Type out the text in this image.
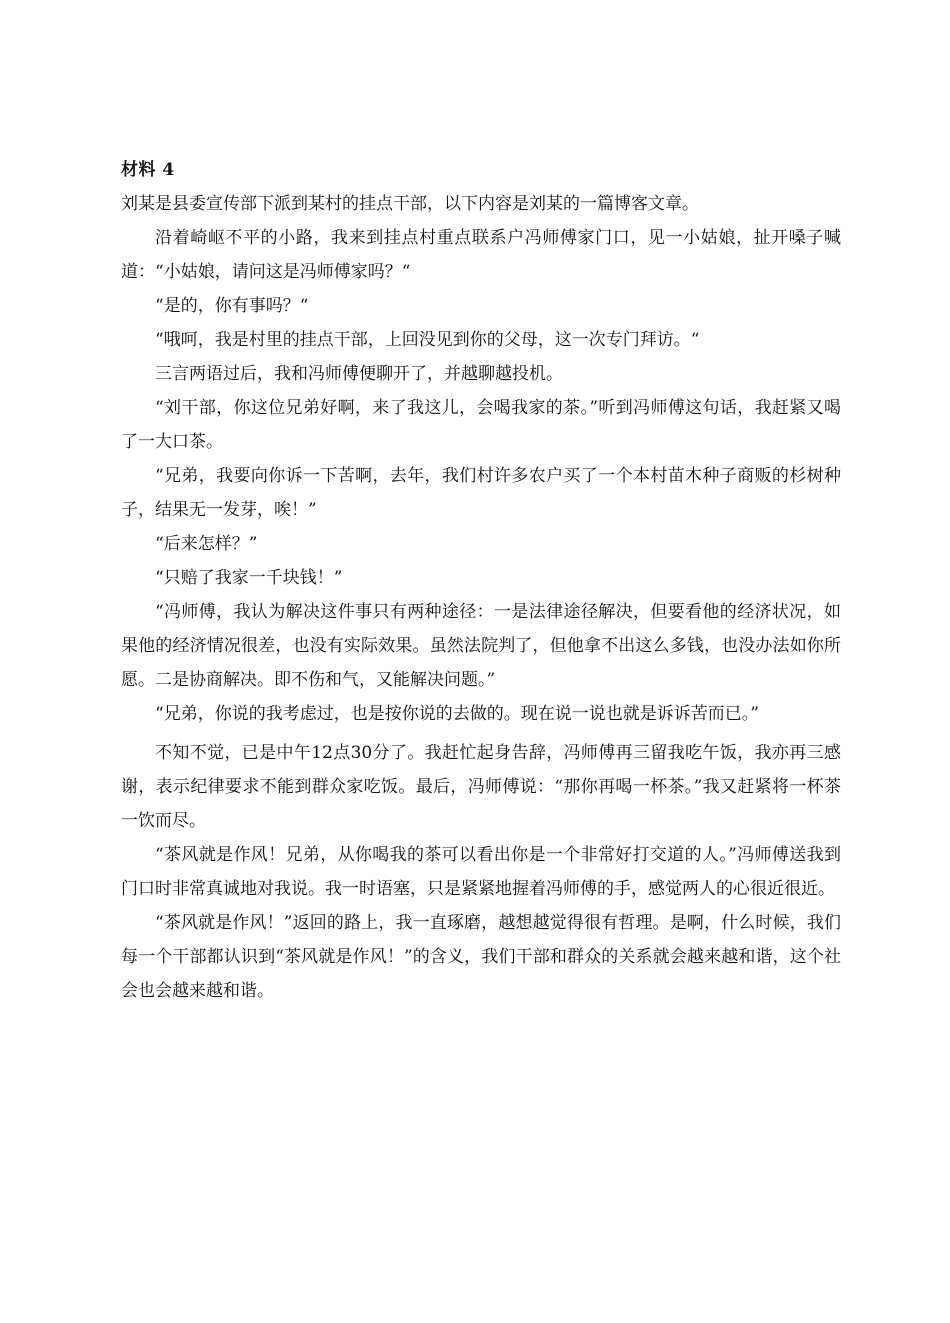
材料 4

刘某是县委宣传部下派到某村的挂点干部，以下内容是刘某的一篇博客文章。

沿着崎岖不平的小路，我来到挂点村重点联系户冯师傅家门口，见一小姑娘，扯开嗓子喊道：“小姑娘，请问这是冯师傅家吗？“

“是的，你有事吗？“

“哦呵，我是村里的挂点干部，上回没见到你的父母，这一次专门拜访。“

三言两语过后，我和冯师傅便聊开了，并越聊越投机。

“刘干部，你这位兄弟好啊，来了我这儿，会喝我家的茶。”听到冯师傅这句话，我赶紧又喝了一大口茶。

“兄弟，我要向你诉一下苦啊，去年，我们村许多农户买了一个本村苗木种子商贩的杉树种子，结果无一发芽，唉！”

“后来怎样？”

“只赔了我家一千块钱！”

“冯师傅，我认为解决这件事只有两种途径：一是法律途径解决，但要看他的经济状况，如果他的经济情况很差，也没有实际效果。虽然法院判了，但他拿不出这么多钱，也没办法如你所愿。二是协商解决。即不伤和气，又能解决问题。”

“兄弟，你说的我考虑过，也是按你说的去做的。现在说一说也就是诉诉苦而已。”

不知不觉，已是中午12点30分了。我赶忙起身告辞，冯师傅再三留我吃午饭，我亦再三感谢，表示纪律要求不能到群众家吃饭。最后，冯师傅说：“那你再喝一杯茶。”我又赶紧将一杯茶一饮而尽。

“茶风就是作风！兄弟，从你喝我的茶可以看出你是一个非常好打交道的人。”冯师傅送我到门口时非常真诚地对我说。我一时语塞，只是紧紧地握着冯师傅的手，感觉两人的心很近很近。

“茶风就是作风！”返回的路上，我一直琢磨，越想越觉得很有哲理。是啊，什么时候，我们每一个干部都认识到“茶风就是作风！”的含义，我们干部和群众的关系就会越来越和谐，这个社会也会越来越和谐。
